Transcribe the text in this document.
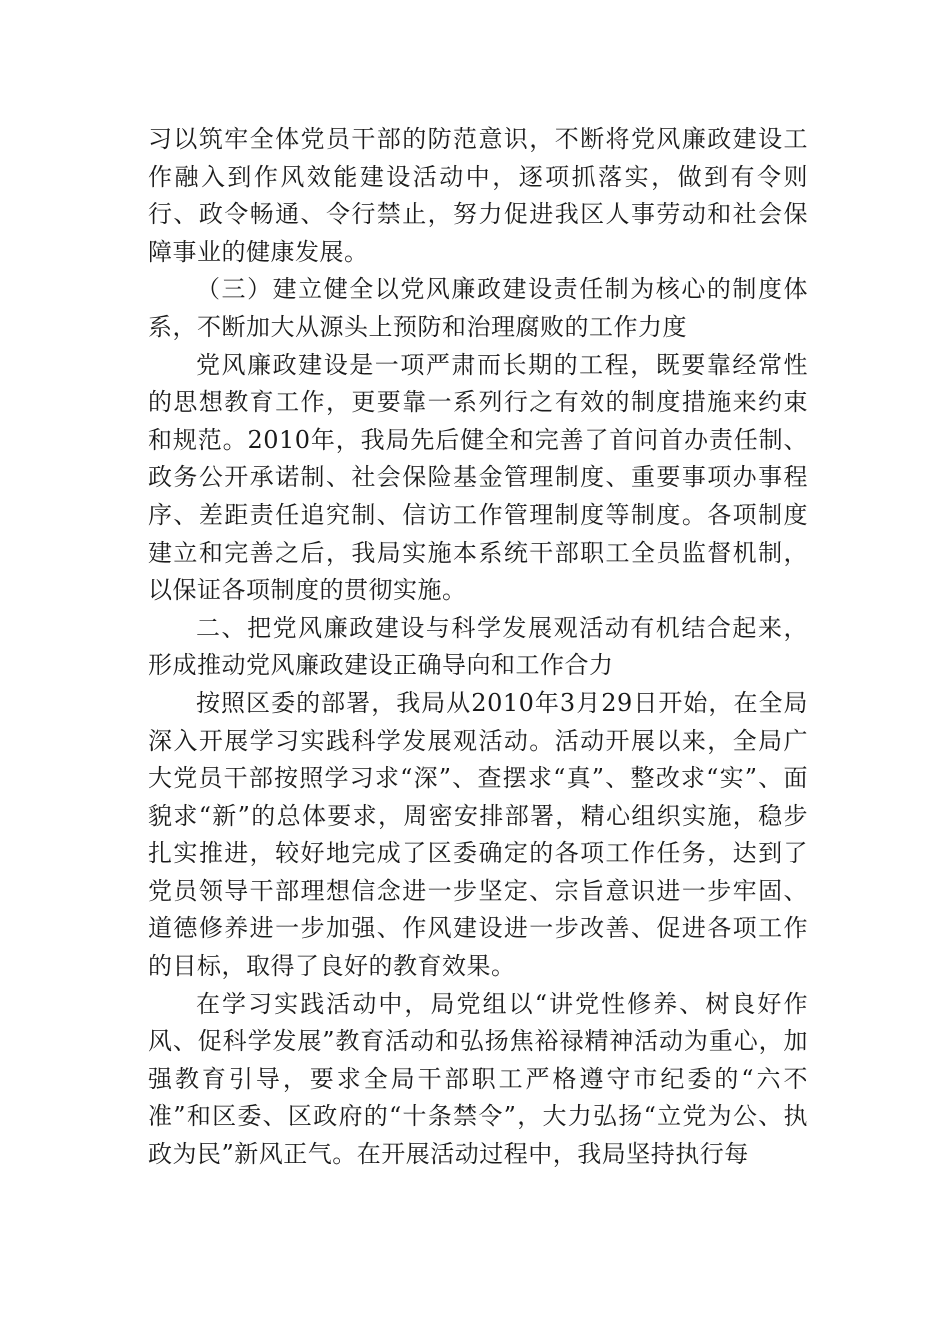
习以筑牢全体党员干部的防范意识，不断将党风廉政建设工作融入到作风效能建设活动中，逐项抓落实，做到有令则行、政令畅通、令行禁止，努力促进我区人事劳动和社会保障事业的健康发展。

（三）建立健全以党风廉政建设责任制为核心的制度体系，不断加大从源头上预防和治理腐败的工作力度

党风廉政建设是一项严肃而长期的工程，既要靠经常性的思想教育工作，更要靠一系列行之有效的制度措施来约束和规范。2010年，我局先后健全和完善了首问首办责任制、政务公开承诺制、社会保险基金管理制度、重要事项办事程序、差距责任追究制、信访工作管理制度等制度。各项制度建立和完善之后，我局实施本系统干部职工全员监督机制，以保证各项制度的贯彻实施。

二、把党风廉政建设与科学发展观活动有机结合起来，形成推动党风廉政建设正确导向和工作合力

按照区委的部署，我局从2010年3月29日开始，在全局深入开展学习实践科学发展观活动。活动开展以来，全局广大党员干部按照学习求“深”、查摆求“真”、整改求“实”、面貌求“新”的总体要求，周密安排部署，精心组织实施，稳步扎实推进，较好地完成了区委确定的各项工作任务，达到了党员领导干部理想信念进一步坚定、宗旨意识进一步牢固、道德修养进一步加强、作风建设进一步改善、促进各项工作的目标，取得了良好的教育效果。

在学习实践活动中，局党组以“讲党性修养、树良好作风、促科学发展”教育活动和弘扬焦裕禄精神活动为重心，加强教育引导，要求全局干部职工严格遵守市纪委的“六不准”和区委、区政府的“十条禁令”，大力弘扬“立党为公、执政为民”新风正气。在开展活动过程中，我局坚持执行每
